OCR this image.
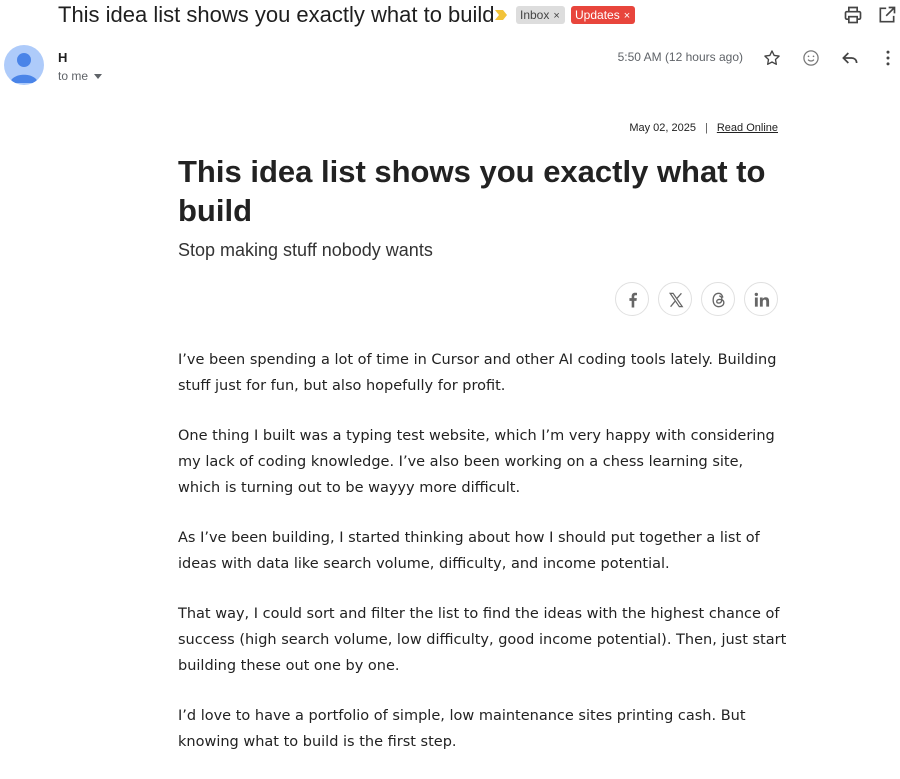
This idea list shows you exactly what to build	Inbox ×	Updates ×
H
to me
5:50 AM (12 hours ago)
May 02, 2025 | Read Online
This idea list shows you exactly what to build
Stop making stuff nobody wants

I’ve been spending a lot of time in Cursor and other AI coding tools lately. Building stuff just for fun, but also hopefully for profit.

One thing I built was a typing test website, which I’m very happy with considering my lack of coding knowledge. I’ve also been working on a chess learning site, which is turning out to be wayyy more difficult.

As I’ve been building, I started thinking about how I should put together a list of ideas with data like search volume, difficulty, and income potential.

That way, I could sort and filter the list to find the ideas with the highest chance of success (high search volume, low difficulty, good income potential). Then, just start building these out one by one.

I’d love to have a portfolio of simple, low maintenance sites printing cash. But knowing what to build is the first step.
